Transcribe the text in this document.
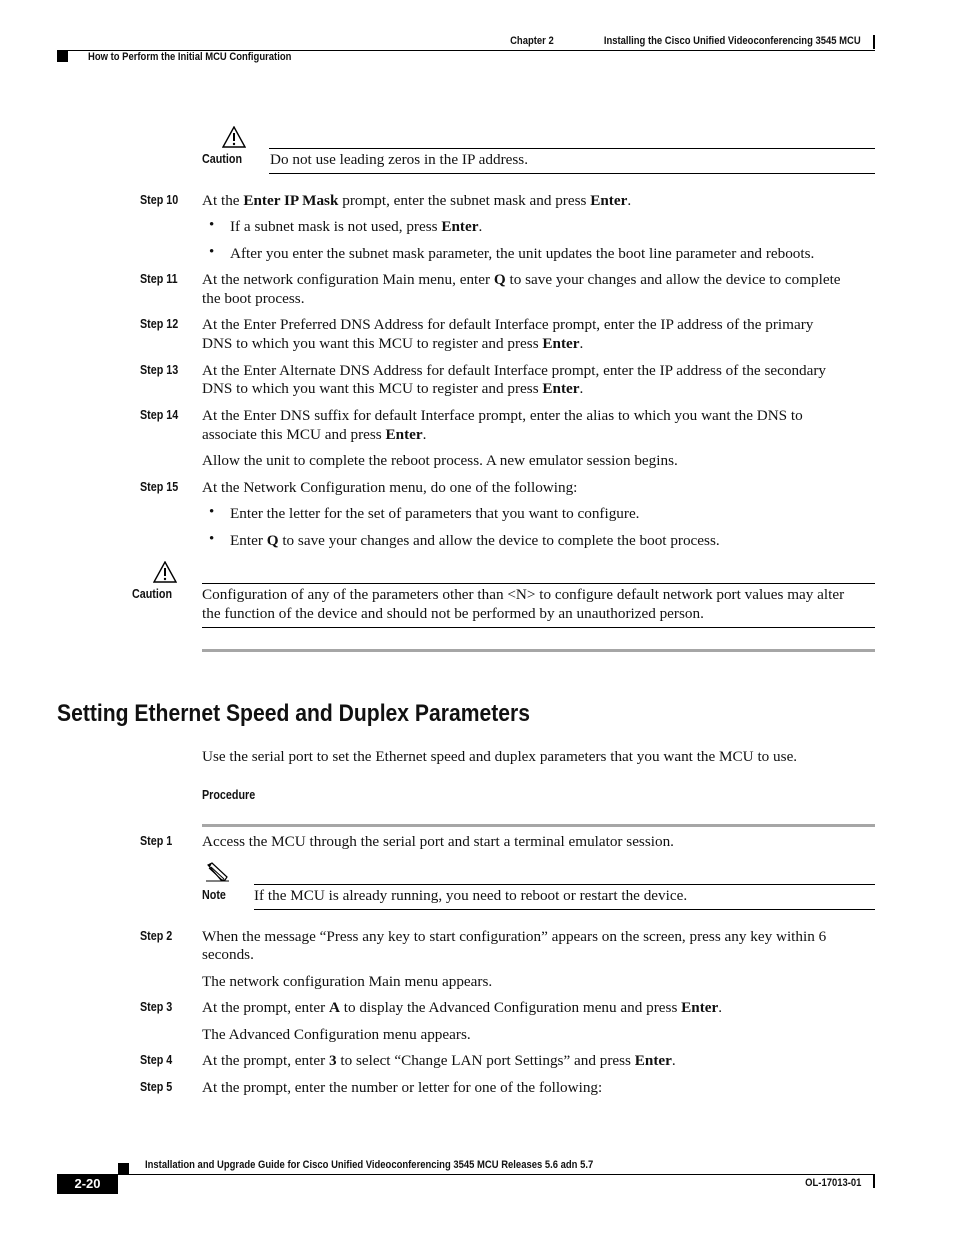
Chapter 2	Installing the Cisco Unified Videoconferencing 3545 MCU
How to Perform the Initial MCU Configuration
Caution Do not use leading zeros in the IP address.
Step 10 At the Enter IP Mask prompt, enter the subnet mask and press Enter.
• If a subnet mask is not used, press Enter.
• After you enter the subnet mask parameter, the unit updates the boot line parameter and reboots.
Step 11 At the network configuration Main menu, enter Q to save your changes and allow the device to complete
the boot process.
Step 12 At the Enter Preferred DNS Address for default Interface prompt, enter the IP address of the primary
DNS to which you want this MCU to register and press Enter.
Step 13 At the Enter Alternate DNS Address for default Interface prompt, enter the IP address of the secondary
DNS to which you want this MCU to register and press Enter.
Step 14 At the Enter DNS suffix for default Interface prompt, enter the alias to which you want the DNS to
associate this MCU and press Enter.
Allow the unit to complete the reboot process. A new emulator session begins.
Step 15 At the Network Configuration menu, do one of the following:
• Enter the letter for the set of parameters that you want to configure.
• Enter Q to save your changes and allow the device to complete the boot process.
Caution Configuration of any of the parameters other than <N> to configure default network port values may alter
the function of the device and should not be performed by an unauthorized person.
Setting Ethernet Speed and Duplex Parameters
Use the serial port to set the Ethernet speed and duplex parameters that you want the MCU to use.
Procedure
Step 1 Access the MCU through the serial port and start a terminal emulator session.
Note If the MCU is already running, you need to reboot or restart the device.
Step 2 When the message “Press any key to start configuration” appears on the screen, press any key within 6
seconds.
The network configuration Main menu appears.
Step 3 At the prompt, enter A to display the Advanced Configuration menu and press Enter.
The Advanced Configuration menu appears.
Step 4 At the prompt, enter 3 to select “Change LAN port Settings” and press Enter.
Step 5 At the prompt, enter the number or letter for one of the following:
Installation and Upgrade Guide for Cisco Unified Videoconferencing 3545 MCU Releases 5.6 adn 5.7
2-20	OL-17013-01
